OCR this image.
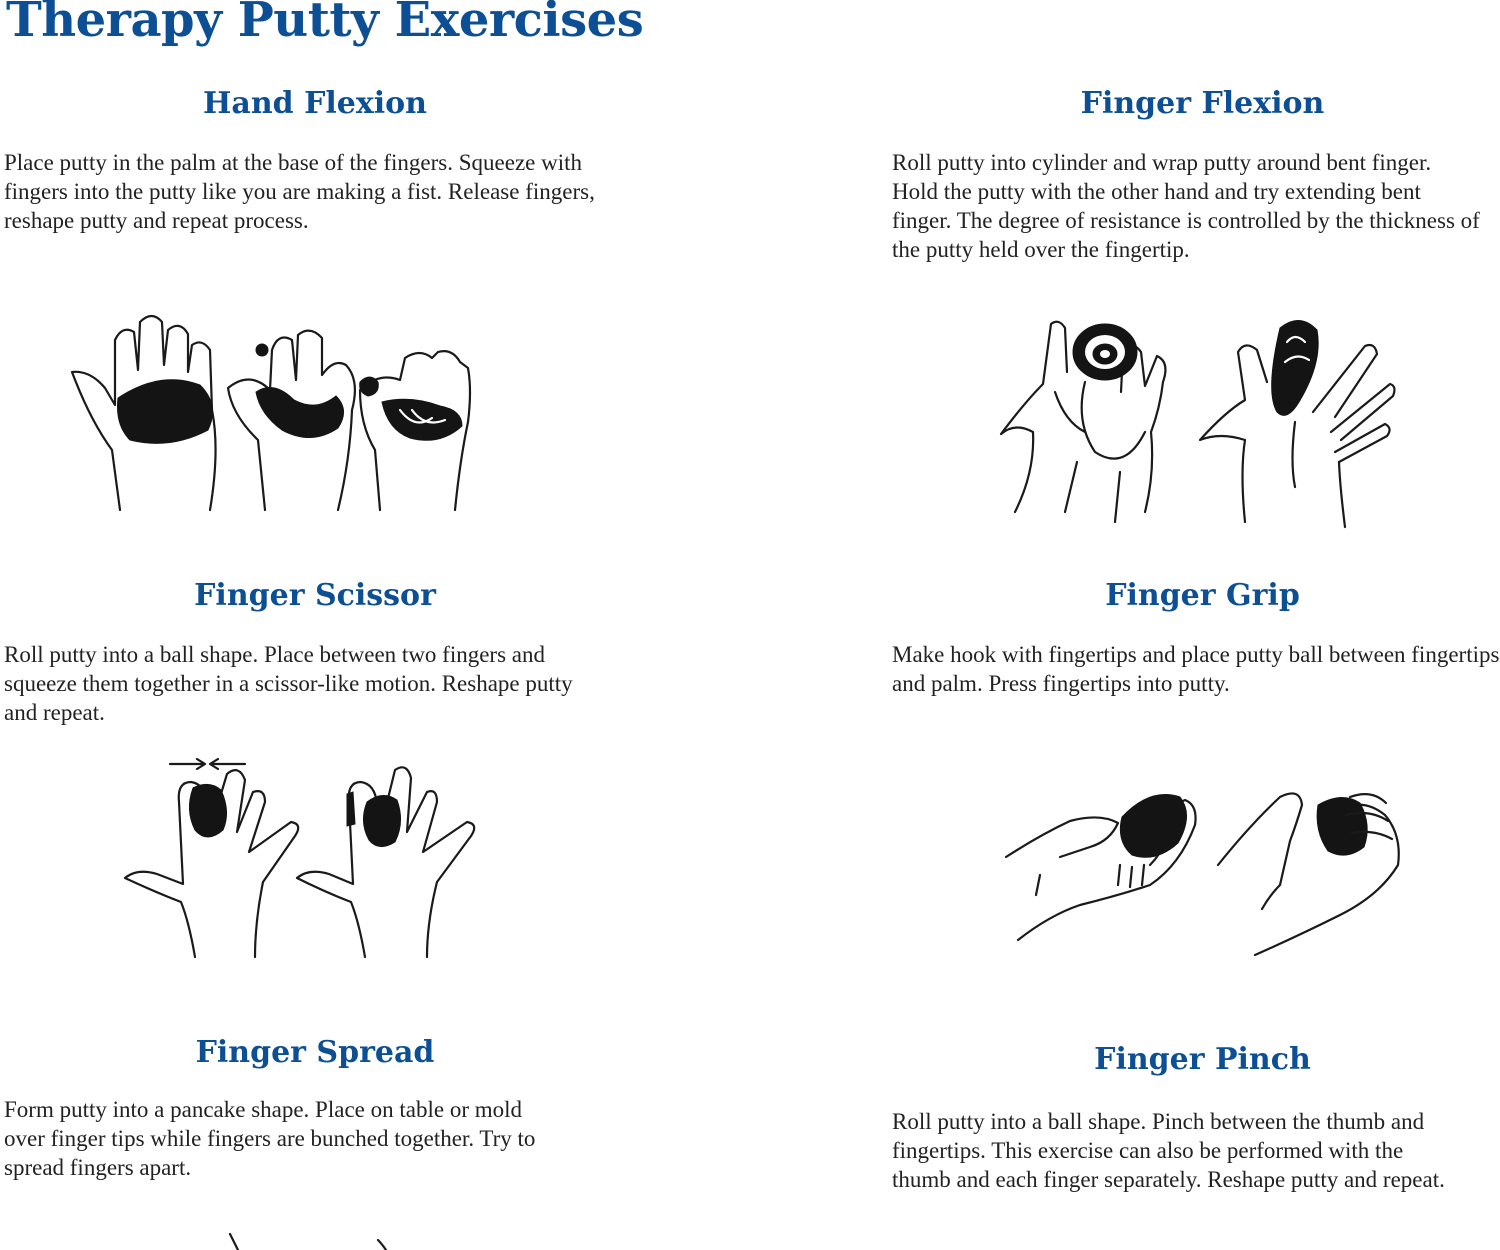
Therapy Putty Exercises
Hand Flexion

Place putty in the palm at the base of the fingers. Squeeze with fingers into the putty like you are making a fist. Release fingers, reshape putty and repeat process.

Finger Flexion

Roll putty into cylinder and wrap putty around bent finger. Hold the putty with the other hand and try extending bent finger. The degree of resistance is controlled by the thickness of the putty held over the fingertip.

Finger Scissor

Roll putty into a ball shape. Place between two fingers and squeeze them together in a scissor-like motion. Reshape putty and repeat.

Finger Grip

Make hook with fingertips and place putty ball between fingertips and palm. Press fingertips into putty.

Finger Spread

Form putty into a pancake shape. Place on table or mold over finger tips while fingers are bunched together. Try to spread fingers apart.

Finger Pinch

Roll putty into a ball shape. Pinch between the thumb and fingertips. This exercise can also be performed with the thumb and each finger separately. Reshape putty and repeat.
